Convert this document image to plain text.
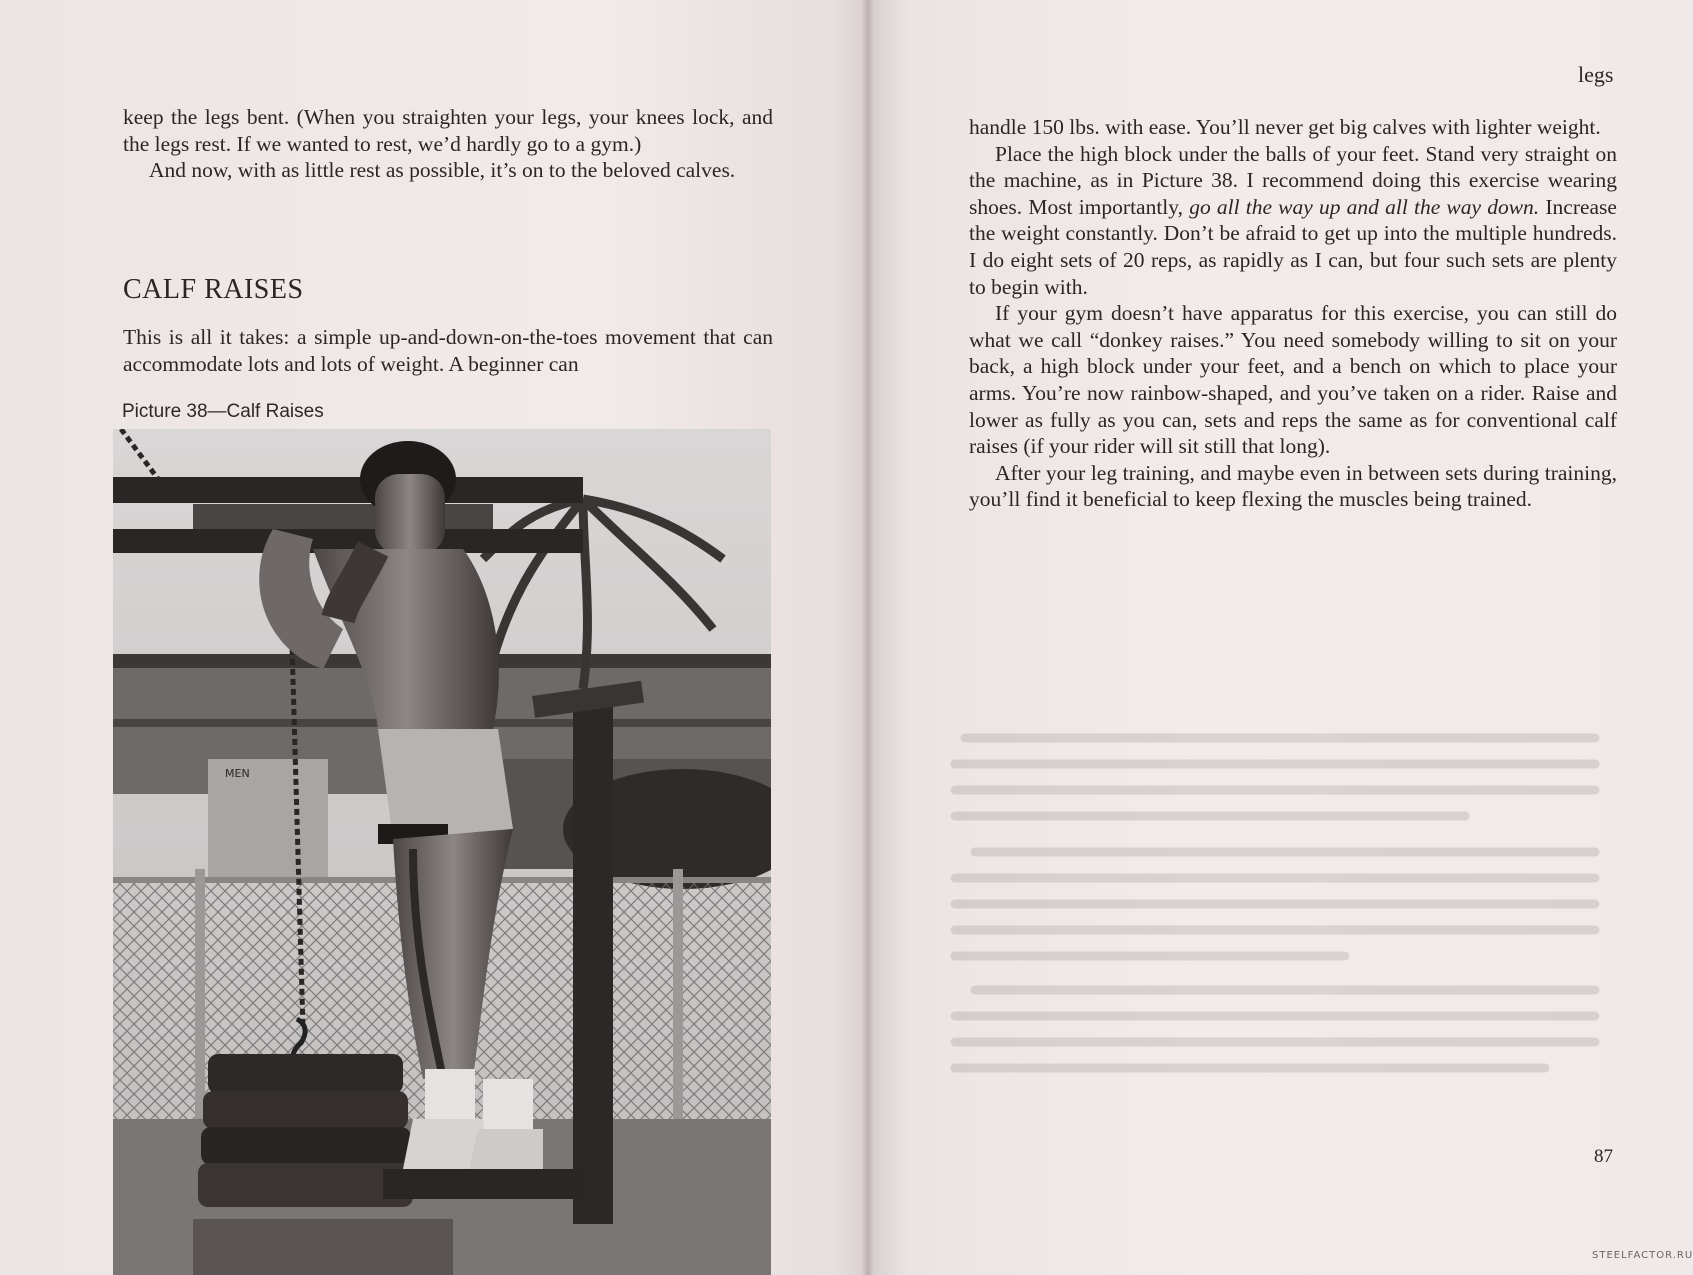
keep the legs bent. (When you straighten your legs, your knees lock, and the legs rest. If we wanted to rest, we’d hardly go to a gym.)

And now, with as little rest as possible, it’s on to the beloved calves.

CALF RAISES

This is all it takes: a simple up-and-down-on-the-toes movement that can accommodate lots and lots of weight. A beginner can

Picture 38—Calf Raises
MEN
legs

handle 150 lbs. with ease. You’ll never get big calves with lighter weight.

Place the high block under the balls of your feet. Stand very straight on the machine, as in Picture 38. I recommend doing this exercise wearing shoes. Most importantly, go all the way up and all the way down. Increase the weight constantly. Don’t be afraid to get up into the multiple hundreds. I do eight sets of 20 reps, as rapidly as I can, but four such sets are plenty to begin with.

If your gym doesn’t have apparatus for this exercise, you can still do what we call “donkey raises.” You need somebody willing to sit on your back, a high block under your feet, and a bench on which to place your arms. You’re now rainbow-shaped, and you’ve taken on a rider. Raise and lower as fully as you can, sets and reps the same as for conventional calf raises (if your rider will sit still that long).

After your leg training, and maybe even in between sets during training, you’ll find it beneficial to keep flexing the muscles being trained.

87
STEELFACTOR.RU
